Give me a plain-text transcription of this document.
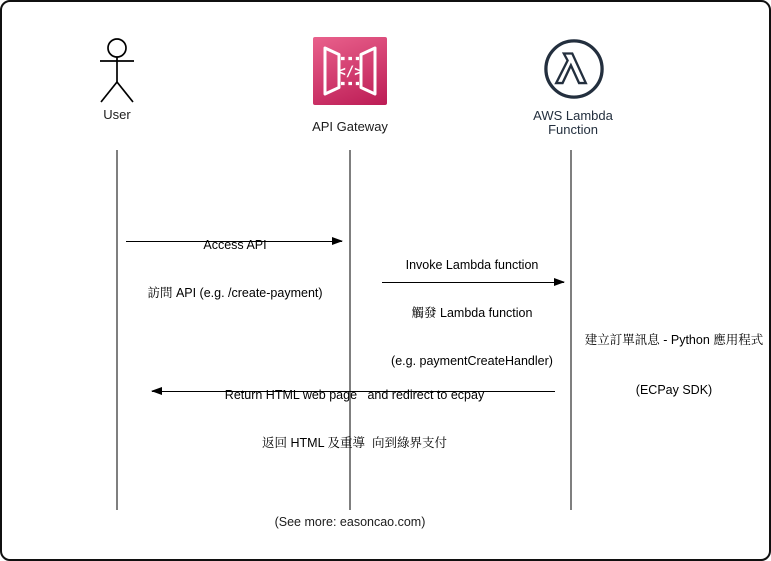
User
</>
API Gateway
AWS Lambda
Function

Access API

訪問 API (e.g. /create-payment)

Invoke Lambda function

觸發 Lambda function

(e.g. paymentCreateHandler)

建立訂單訊息 - Python 應用程式

(ECPay SDK)

Return HTML web page   and redirect to ecpay

返回 HTML 及重導  向到綠界支付

(See more: easoncao.com)
